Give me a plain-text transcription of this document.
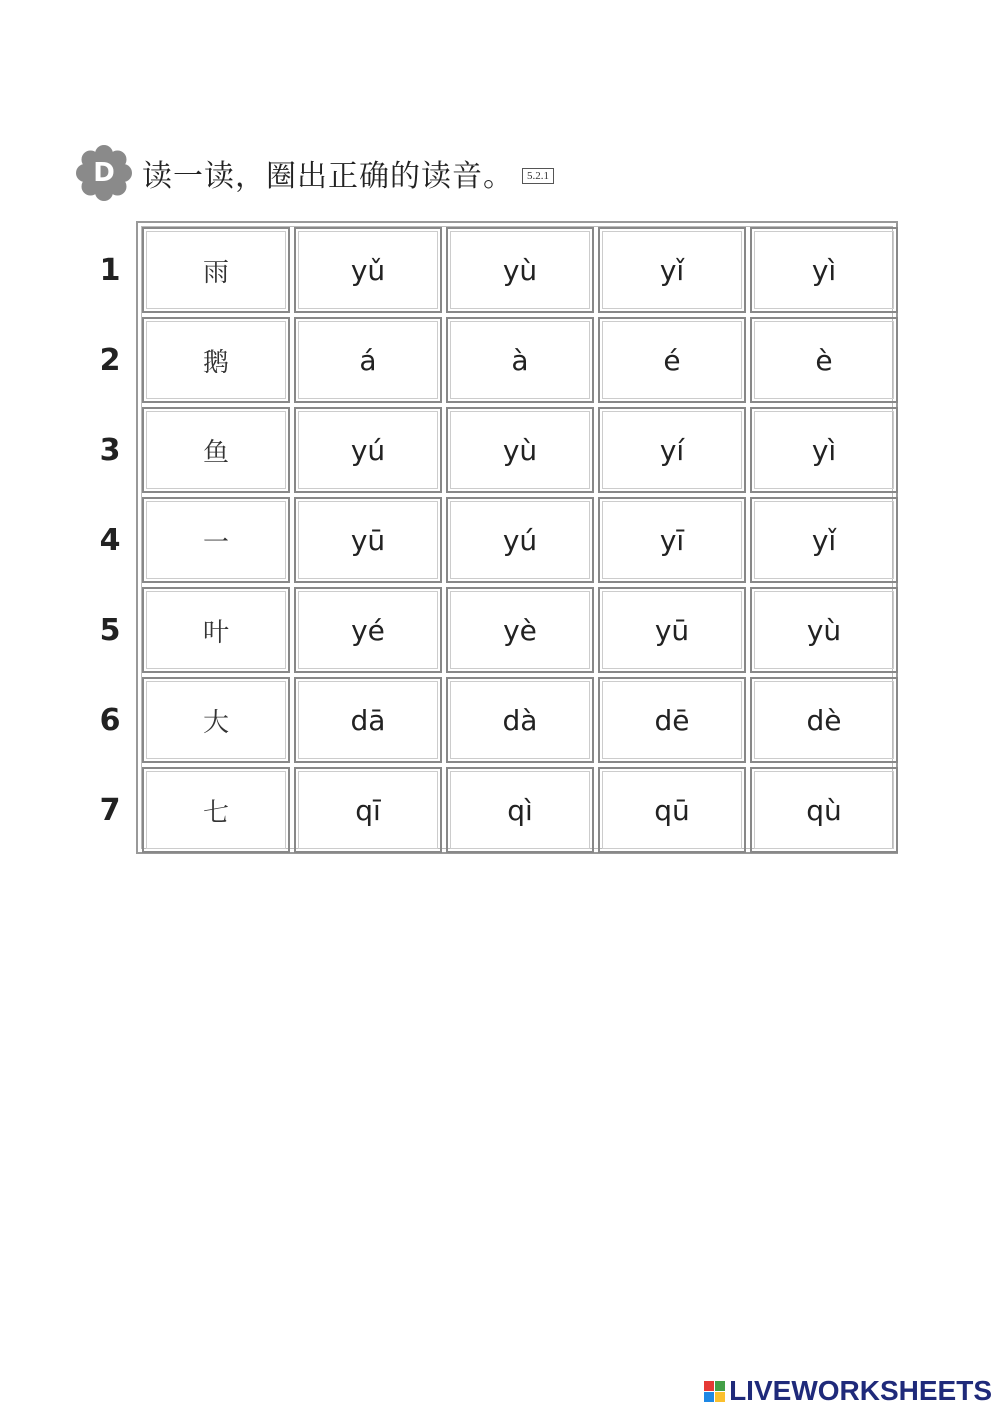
D 读一读，圈出正确的读音。	5.2.1
1
2
3
4
5
6
7
雨	yǔ	yù	yǐ	yì
鹅	á	à	é	è
鱼	yú	yù	yí	yì
一	yū	yú	yī	yǐ
叶	yé	yè	yū	yù
大	dā	dà	dē	dè
七	qī	qì	qū	qù
LIVEWORKSHEETS
